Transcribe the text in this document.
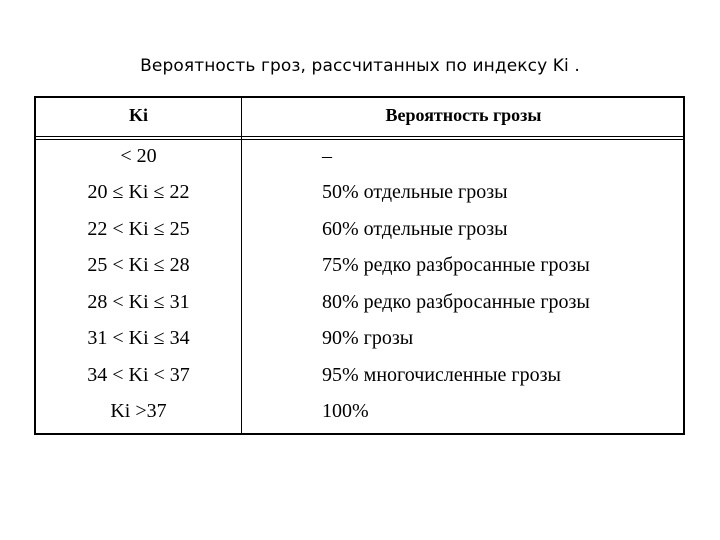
Вероятность гроз, рассчитанных по индексу Ki .
Ki	Вероятность грозы
< 20	–
20 ≤ Ki ≤ 22	50% отдельные грозы
22 < Ki ≤ 25	60% отдельные грозы
25 < Ki ≤ 28	75% редко разбросанные грозы
28 < Ki ≤ 31	80% редко разбросанные грозы
31 < Ki ≤ 34	90% грозы
34 < Ki < 37	95% многочисленные грозы
Ki >37	100%
